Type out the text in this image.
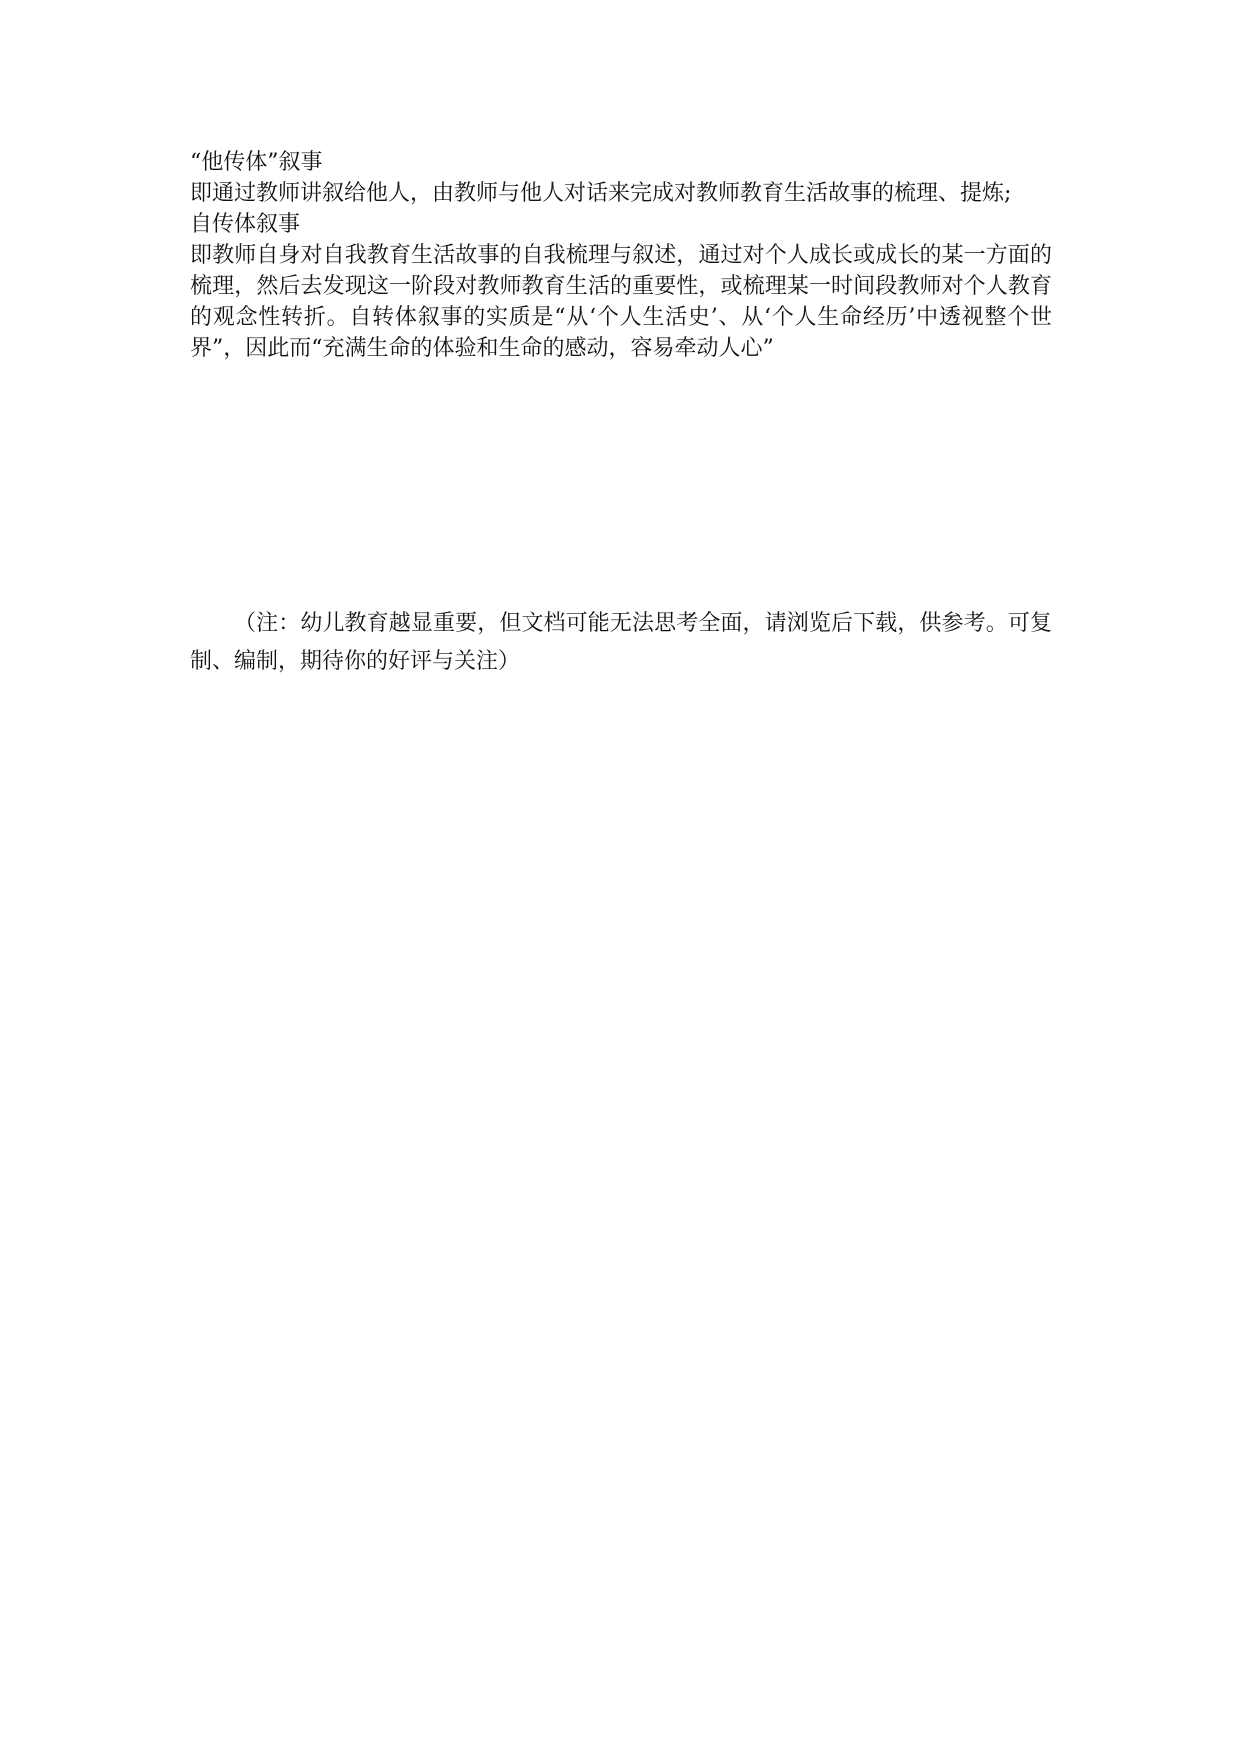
“他传体”叙事

即通过教师讲叙给他人，由教师与他人对话来完成对教师教育生活故事的梳理、提炼;

自传体叙事

即教师自身对自我教育生活故事的自我梳理与叙述，通过对个人成长或成长的某一方面的梳理，然后去发现这一阶段对教师教育生活的重要性，或梳理某一时间段教师对个人教育的观念性转折。自转体叙事的实质是“从‘个人生活史’、从‘个人生命经历’中透视整个世界”，因此而“充满生命的体验和生命的感动，容易牵动人心”

（注：幼儿教育越显重要，但文档可能无法思考全面，请浏览后下载，供参考。可复制、编制，期待你的好评与关注）
